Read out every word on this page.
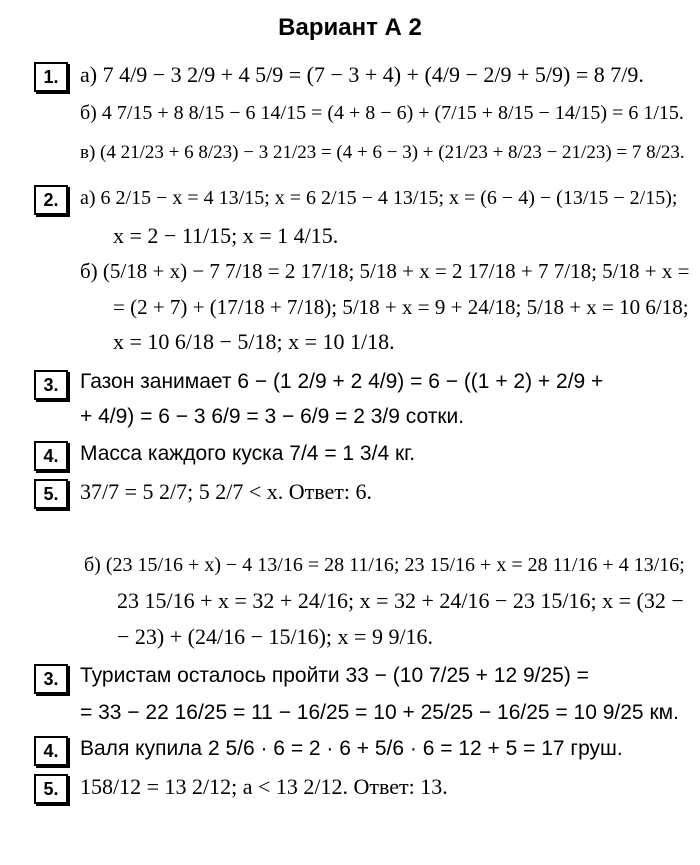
Вариант А 2
1.
2.
3.
4.
5.
3.
4.
5.
а) 7 4/9 − 3 2/9 + 4 5/9 = (7 − 3 + 4) + (4/9 − 2/9 + 5/9) = 8 7/9.
б) 4 7/15 + 8 8/15 − 6 14/15 = (4 + 8 − 6) + (7/15 + 8/15 − 14/15) = 6 1/15.
в) (4 21/23 + 6 8/23) − 3 21/23 = (4 + 6 − 3) + (21/23 + 8/23 − 21/23) = 7 8/23.
а) 6 2/15 − x = 4 13/15; x = 6 2/15 − 4 13/15; x = (6 − 4) − (13/15 − 2/15);
x = 2 − 11/15; x = 1 4/15.
б) (5/18 + x) − 7 7/18 = 2 17/18; 5/18 + x = 2 17/18 + 7 7/18; 5/18 + x =
= (2 + 7) + (17/18 + 7/18); 5/18 + x = 9 + 24/18; 5/18 + x = 10 6/18;
x = 10 6/18 − 5/18; x = 10 1/18.
Газон занимает 6 − (1 2/9 + 2 4/9) = 6 − ((1 + 2) + 2/9 +
+ 4/9) = 6 − 3 6/9 = 3 − 6/9 = 2 3/9 сотки.
Масса каждого куска 7/4 = 1 3/4 кг.
37/7 = 5 2/7; 5 2/7 < x. Ответ: 6.
б) (23 15/16 + x) − 4 13/16 = 28 11/16; 23 15/16 + x = 28 11/16 + 4 13/16;
23 15/16 + x = 32 + 24/16; x = 32 + 24/16 − 23 15/16; x = (32 −
− 23) + (24/16 − 15/16); x = 9 9/16.
Туристам осталось пройти 33 − (10 7/25 + 12 9/25) =
= 33 − 22 16/25 = 11 − 16/25 = 10 + 25/25 − 16/25 = 10 9/25 км.
Валя купила 2 5/6 · 6 = 2 · 6 + 5/6 · 6 = 12 + 5 = 17 груш.
158/12 = 13 2/12; a < 13 2/12. Ответ: 13.
